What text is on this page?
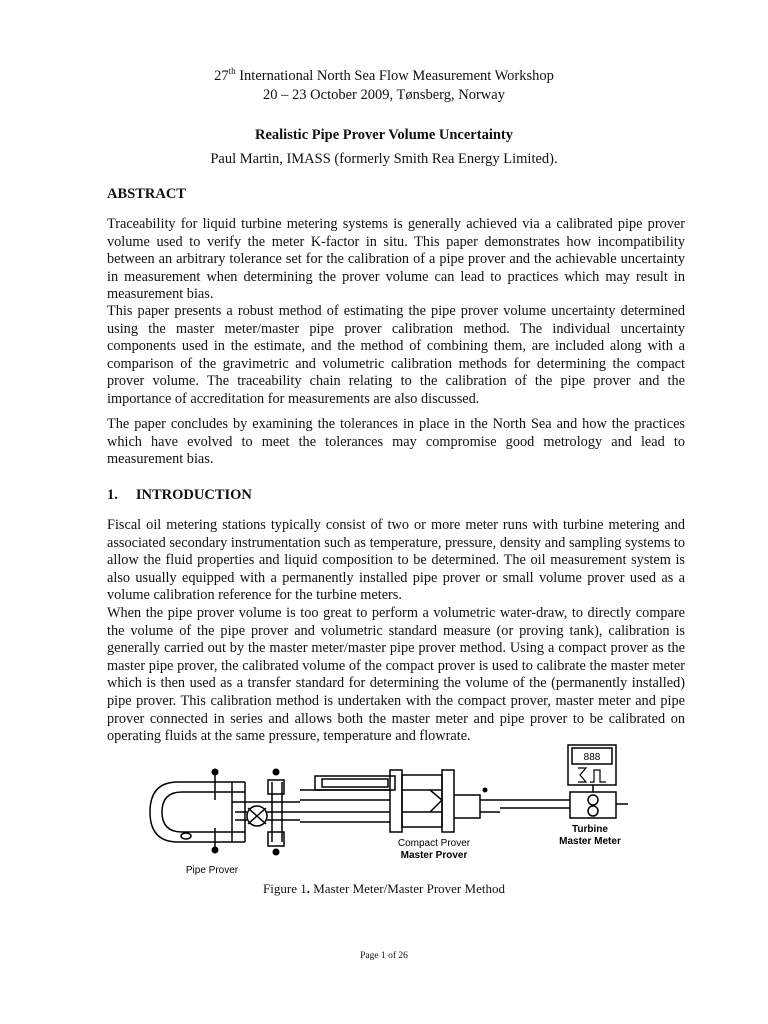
27th International North Sea Flow Measurement Workshop
20 – 23 October 2009, Tønsberg, Norway
Realistic Pipe Prover Volume Uncertainty
Paul Martin, IMASS (formerly Smith Rea Energy Limited).
ABSTRACT

Traceability for liquid turbine metering systems is generally achieved via a calibrated pipe prover volume used to verify the meter K-factor in situ. This paper demonstrates how incompatibility between an arbitrary tolerance set for the calibration of a pipe prover and the achievable uncertainty in measurement when determining the prover volume can lead to practices which may result in measurement bias.

This paper presents a robust method of estimating the pipe prover volume uncertainty determined using the master meter/master pipe prover calibration method. The individual uncertainty components used in the estimate, and the method of combining them, are included along with a comparison of the gravimetric and volumetric calibration methods for determining the compact prover volume. The traceability chain relating to the calibration of the pipe prover and the importance of accreditation for measurements are also discussed.

The paper concludes by examining the tolerances in place in the North Sea and how the practices which have evolved to meet the tolerances may compromise good metrology and lead to measurement bias.

1. INTRODUCTION

Fiscal oil metering stations typically consist of two or more meter runs with turbine metering and associated secondary instrumentation such as temperature, pressure, density and sampling systems to allow the fluid properties and liquid composition to be determined. The oil measurement system is also usually equipped with a permanently installed pipe prover or small volume prover used as a volume calibration reference for the turbine meters.

When the pipe prover volume is too great to perform a volumetric water-draw, to directly compare the volume of the pipe prover and volumetric standard measure (or proving tank), calibration is generally carried out by the master meter/master pipe prover method. Using a compact prover as the master pipe prover, the calibrated volume of the compact prover is used to calibrate the master meter which is then used as a transfer standard for determining the volume of the (permanently installed) pipe prover. This calibration method is undertaken with the compact prover, master meter and pipe prover connected in series and allows both the master meter and pipe prover to be calibrated on operating fluids at the same pressure, temperature and flowrate.

888
Pipe Prover
Compact Prover
Master Prover
Turbine
Master Meter
Figure 1. Master Meter/Master Prover Method
Page 1 of 26
